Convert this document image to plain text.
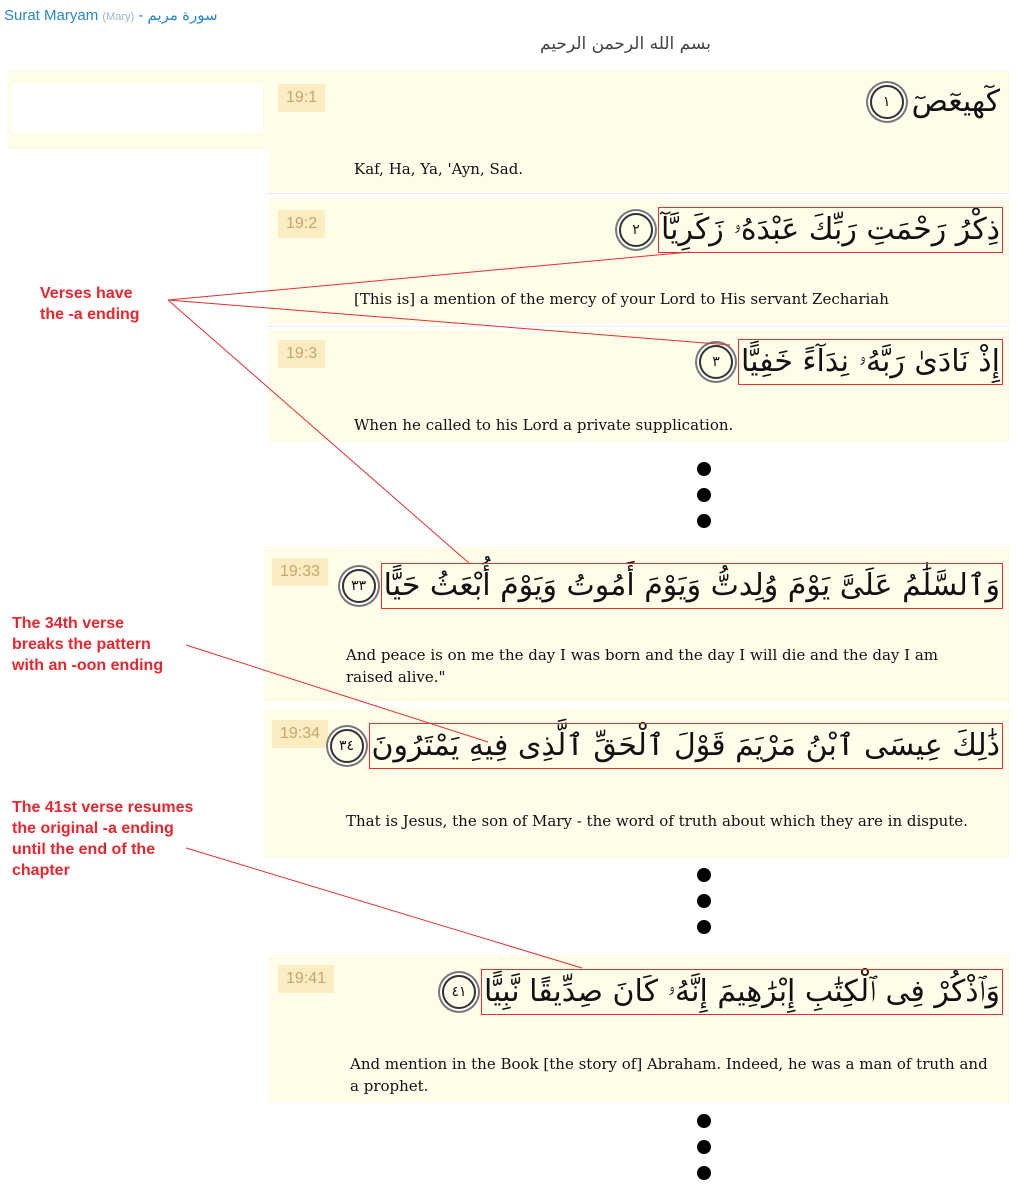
Surat Maryam (Mary) - سورة مريم
بسم الله الرحمن الرحيم
19:1	كٓهيعٓصٓ
١
Kaf, Ha, Ya, 'Ayn, Sad.
19:2	ذِكْرُ رَحْمَتِ رَبِّكَ عَبْدَهُۥ زَكَرِيَّآ
٢
[This is] a mention of the mercy of your Lord to His servant Zechariah
19:3	إِذْ نَادَىٰ رَبَّهُۥ نِدَآءً خَفِيًّا
٣
When he called to his Lord a private supplication.
19:33 وَٱلسَّلَٰمُ عَلَىَّ يَوْمَ وُلِدتُّ وَيَوْمَ أَمُوتُ وَيَوْمَ أُبْعَثُ حَيًّا
٣٣
And peace is on me the day I was born and the day I will die and the day I am raised alive."
19:34 ذَٰلِكَ عِيسَى ٱبْنُ مَرْيَمَ قَوْلَ ٱلْحَقِّ ٱلَّذِى فِيهِ يَمْتَرُونَ
٣٤
That is Jesus, the son of Mary - the word of truth about which they are in dispute.
19:41	وَٱذْكُرْ فِى ٱلْكِتَٰبِ إِبْرَٰهِيمَ إِنَّهُۥ كَانَ صِدِّيقًا نَّبِيًّا
٤١
And mention in the Book [the story of] Abraham. Indeed, he was a man of truth and a prophet.
Verses have
the -a ending
The 34th verse
breaks the pattern
with an -oon ending
The 41st verse resumes
the original -a ending
until the end of the
chapter
